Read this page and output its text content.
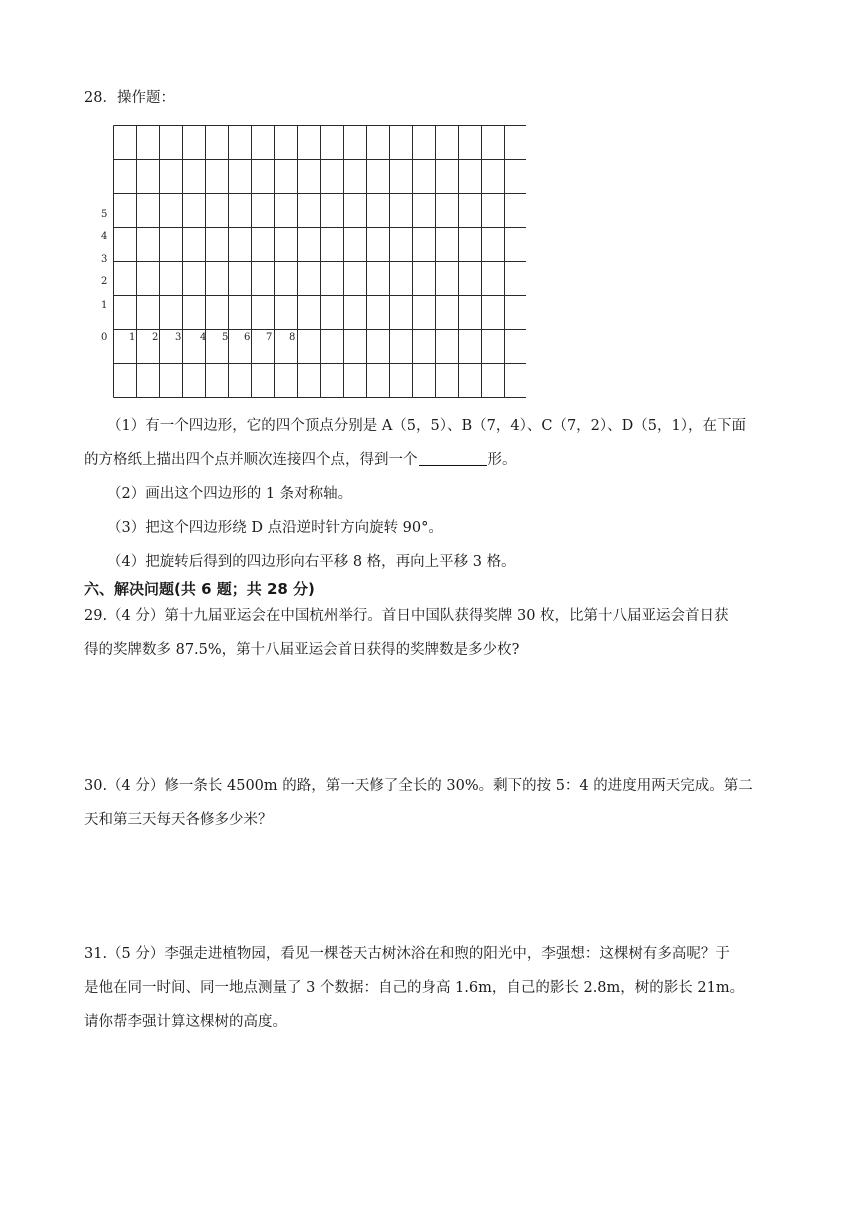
28．操作题：
0
1
2
3
4
5
1 2 3 4 5 6 7 8
（1）有一个四边形，它的四个顶点分别是 A（5，5）、B（7，4）、C（7，2）、D（5，1），在下面
的方格纸上描出四个点并顺次连接四个点，得到一个	形。
（2）画出这个四边形的 1 条对称轴。
（3）把这个四边形绕 D 点沿逆时针方向旋转 90°。
（4）把旋转后得到的四边形向右平移 8 格，再向上平移 3 格。
六、解决问题(共 6 题；共 28 分)
29.（4 分）第十九届亚运会在中国杭州举行。首日中国队获得奖牌 30 枚，比第十八届亚运会首日获
得的奖牌数多 87.5%，第十八届亚运会首日获得的奖牌数是多少枚?
30.（4 分）修一条长 4500m 的路，第一天修了全长的 30%。剩下的按 5：4 的进度用两天完成。第二
天和第三天每天各修多少米？
31.（5 分）李强走进植物园，看见一棵苍天古树沐浴在和煦的阳光中，李强想：这棵树有多高呢？于
是他在同一时间、同一地点测量了 3 个数据：自己的身高 1.6m，自己的影长 2.8m，树的影长 21m。
请你帮李强计算这棵树的高度。
